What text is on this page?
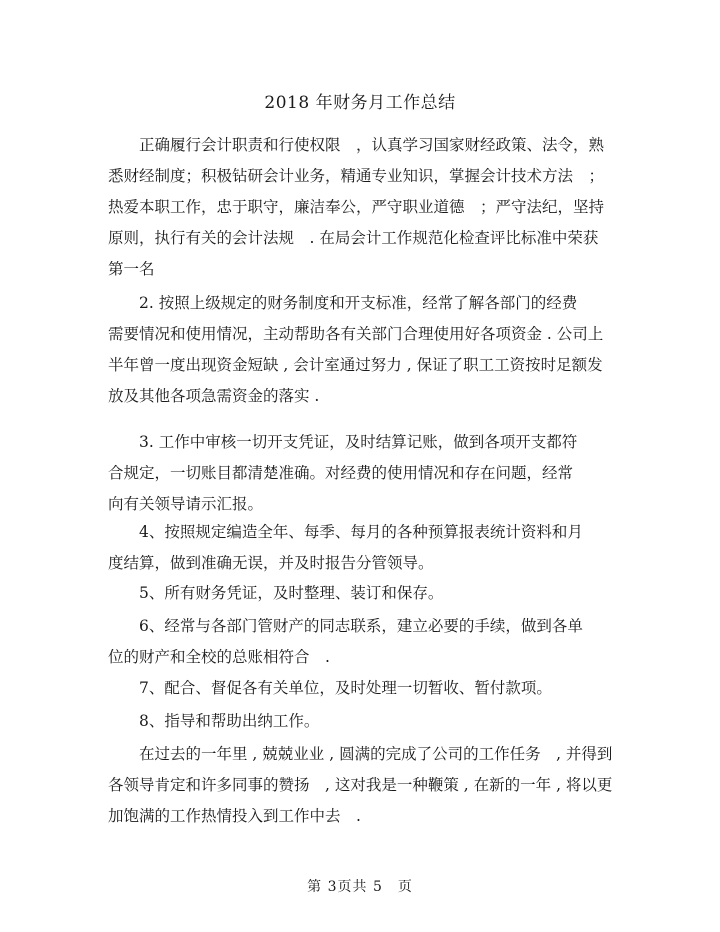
2018 年财务月工作总结

　　正确履行会计职责和行使权限　，认真学习国家财经政策、法令，熟
悉财经制度；积极钻研会计业务，精通专业知识，掌握会计技术方法　；
热爱本职工作，忠于职守，廉洁奉公，严守职业道德　；严守法纪，坚持
原则，执行有关的会计法规　. 在局会计工作规范化检查评比标准中荣获
第一名

　　2. 按照上级规定的财务制度和开支标准，经常了解各部门的经费
需要情况和使用情况，主动帮助各有关部门合理使用好各项资金 . 公司上
半年曾一度出现资金短缺 , 会计室通过努力 , 保证了职工工资按时足额发
放及其他各项急需资金的落实 .

　　3. 工作中审核一切开支凭证，及时结算记账，做到各项开支都符
合规定，一切账目都清楚准确。对经费的使用情况和存在问题，经常
向有关领导请示汇报。

　　4、按照规定编造全年、每季、每月的各种预算报表统计资料和月
度结算，做到准确无误，并及时报告分管领导。

　　5、所有财务凭证，及时整理、装订和保存。

　　6、经常与各部门管财产的同志联系，建立必要的手续，做到各单
位的财产和全校的总账相符合　.

　　7、配合、督促各有关单位，及时处理一切暂收、暂付款项。

　　8、指导和帮助出纳工作。

　　在过去的一年里 , 兢兢业业 , 圆满的完成了公司的工作任务　, 并得到
各领导肯定和许多同事的赞扬　, 这对我是一种鞭策 , 在新的一年 , 将以更
加饱满的工作热情投入到工作中去　.

第 3页共 5　页
